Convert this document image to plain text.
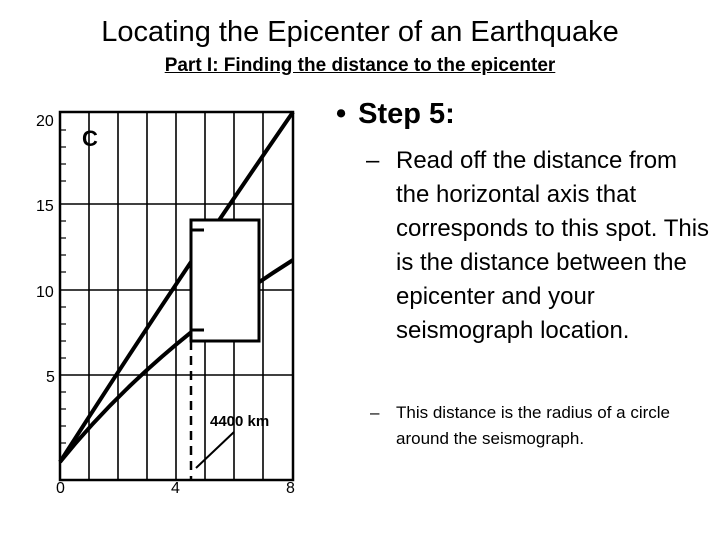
Locating the Epicenter of an Earthquake
Part I: Finding the distance to the epicenter
C
4400 km
20
15
10
5
0	4	8

• Step 5:

– Read off the distance from the horizontal axis that corresponds to this spot. This is the distance between the epicenter and your seismograph location.
– This distance is the radius of a circle around the seismograph.
